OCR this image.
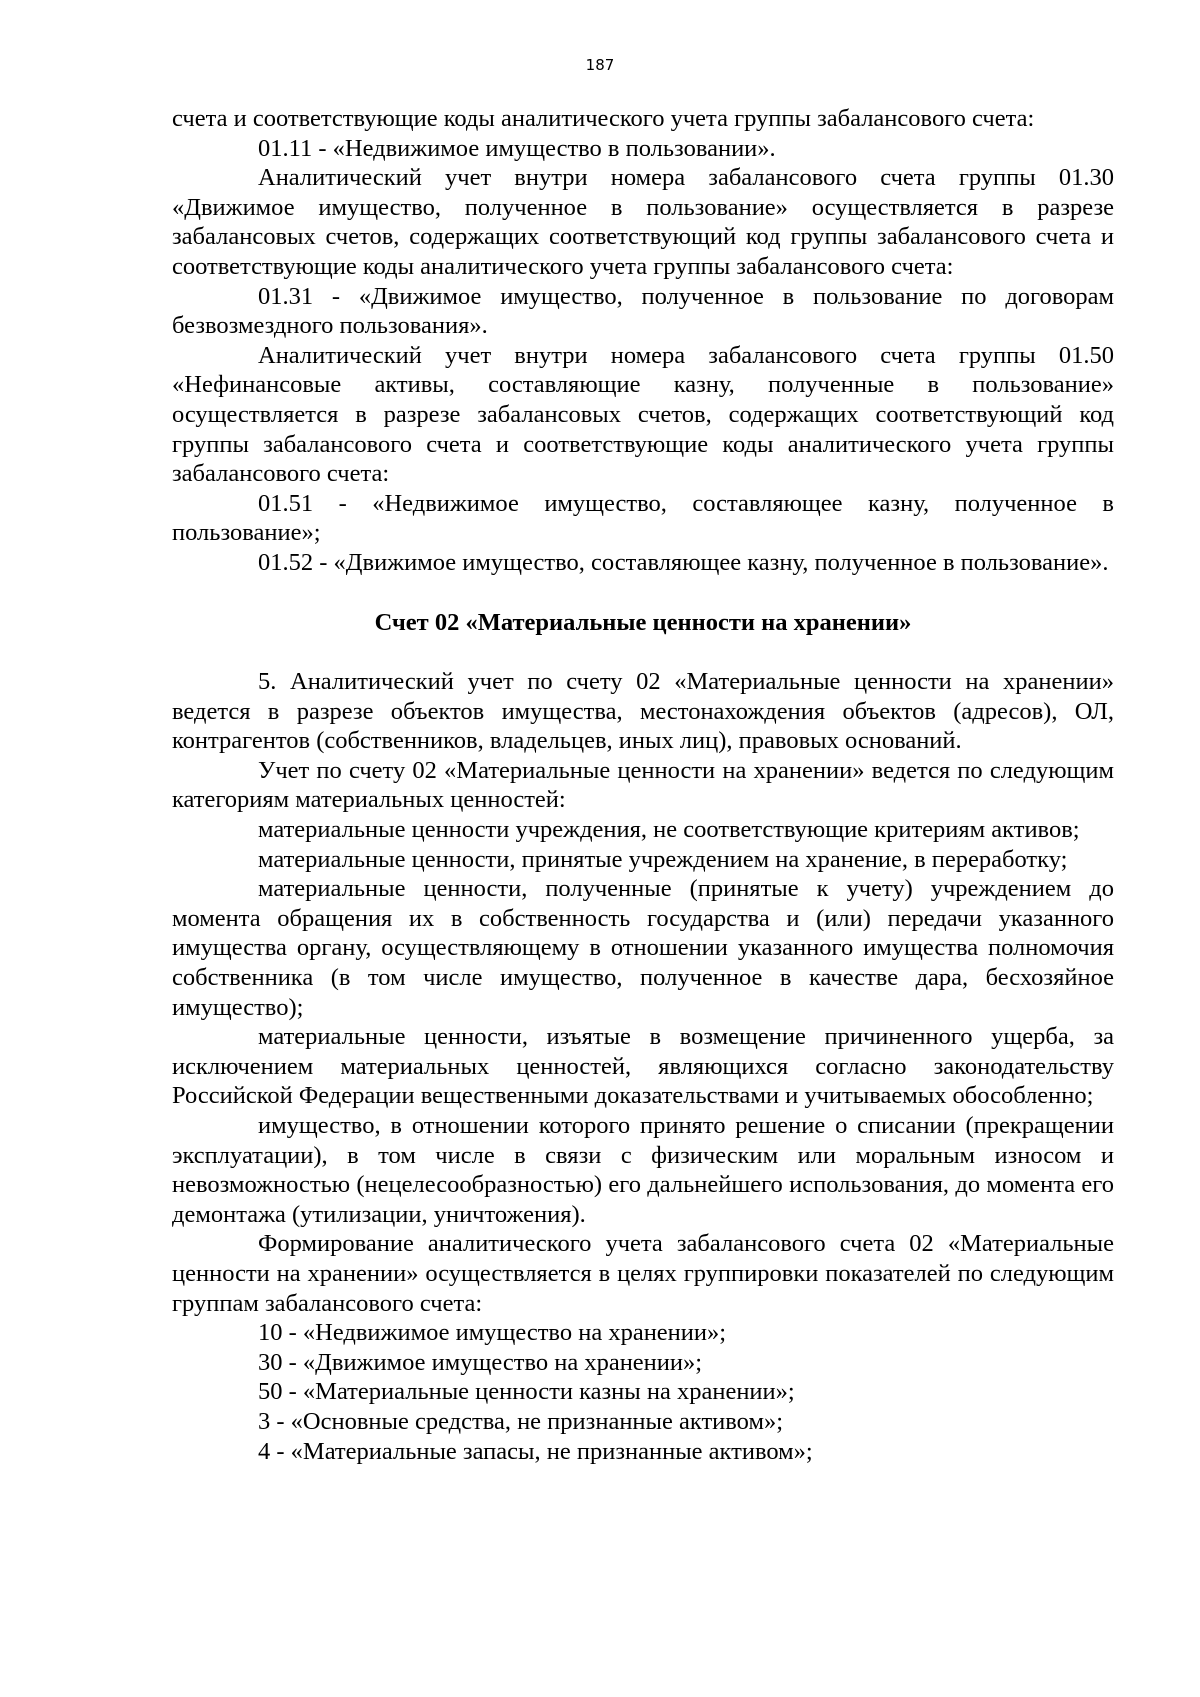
187

счета и соответствующие коды аналитического учета группы забалансового счета:

01.11 - «Недвижимое имущество в пользовании».

Аналитический учет внутри номера забалансового счета группы 01.30 «Движимое имущество, полученное в пользование» осуществляется в разрезе забалансовых счетов, содержащих соответствующий код группы забалансового счета и соответствующие коды аналитического учета группы забалансового счета:

01.31 - «Движимое имущество, полученное в пользование по договорам безвозмездного пользования».

Аналитический учет внутри номера забалансового счета группы 01.50 «Нефинансовые активы, составляющие казну, полученные в пользование» осуществляется в разрезе забалансовых счетов, содержащих соответствующий код группы забалансового счета и соответствующие коды аналитического учета группы забалансового счета:

01.51 - «Недвижимое имущество, составляющее казну, полученное в пользование»;

01.52 - «Движимое имущество, составляющее казну, полученное в пользование».

Счет 02 «Материальные ценности на хранении»

5. Аналитический учет по счету 02 «Материальные ценности на хранении» ведется в разрезе объектов имущества, местонахождения объектов (адресов), ОЛ, контрагентов (собственников, владельцев, иных лиц), правовых оснований.

Учет по счету 02 «Материальные ценности на хранении» ведется по следующим категориям материальных ценностей:

материальные ценности учреждения, не соответствующие критериям активов;

материальные ценности, принятые учреждением на хранение, в переработку;

материальные ценности, полученные (принятые к учету) учреждением до момента обращения их в собственность государства и (или) передачи указанного имущества органу, осуществляющему в отношении указанного имущества полномочия собственника (в том числе имущество, полученное в качестве дара, бесхозяйное имущество);

материальные ценности, изъятые в возмещение причиненного ущерба, за исключением материальных ценностей, являющихся согласно законодательству Российской Федерации вещественными доказательствами и учитываемых обособленно;

имущество, в отношении которого принято решение о списании (прекращении эксплуатации), в том числе в связи с физическим или моральным износом и невозможностью (нецелесообразностью) его дальнейшего использования, до момента его демонтажа (утилизации, уничтожения).

Формирование аналитического учета забалансового счета 02 «Материальные ценности на хранении» осуществляется в целях группировки показателей по следующим группам забалансового счета:

10 - «Недвижимое имущество на хранении»;

30 - «Движимое имущество на хранении»;

50 - «Материальные ценности казны на хранении»;

3 - «Основные средства, не признанные активом»;

4 - «Материальные запасы, не признанные активом»;
